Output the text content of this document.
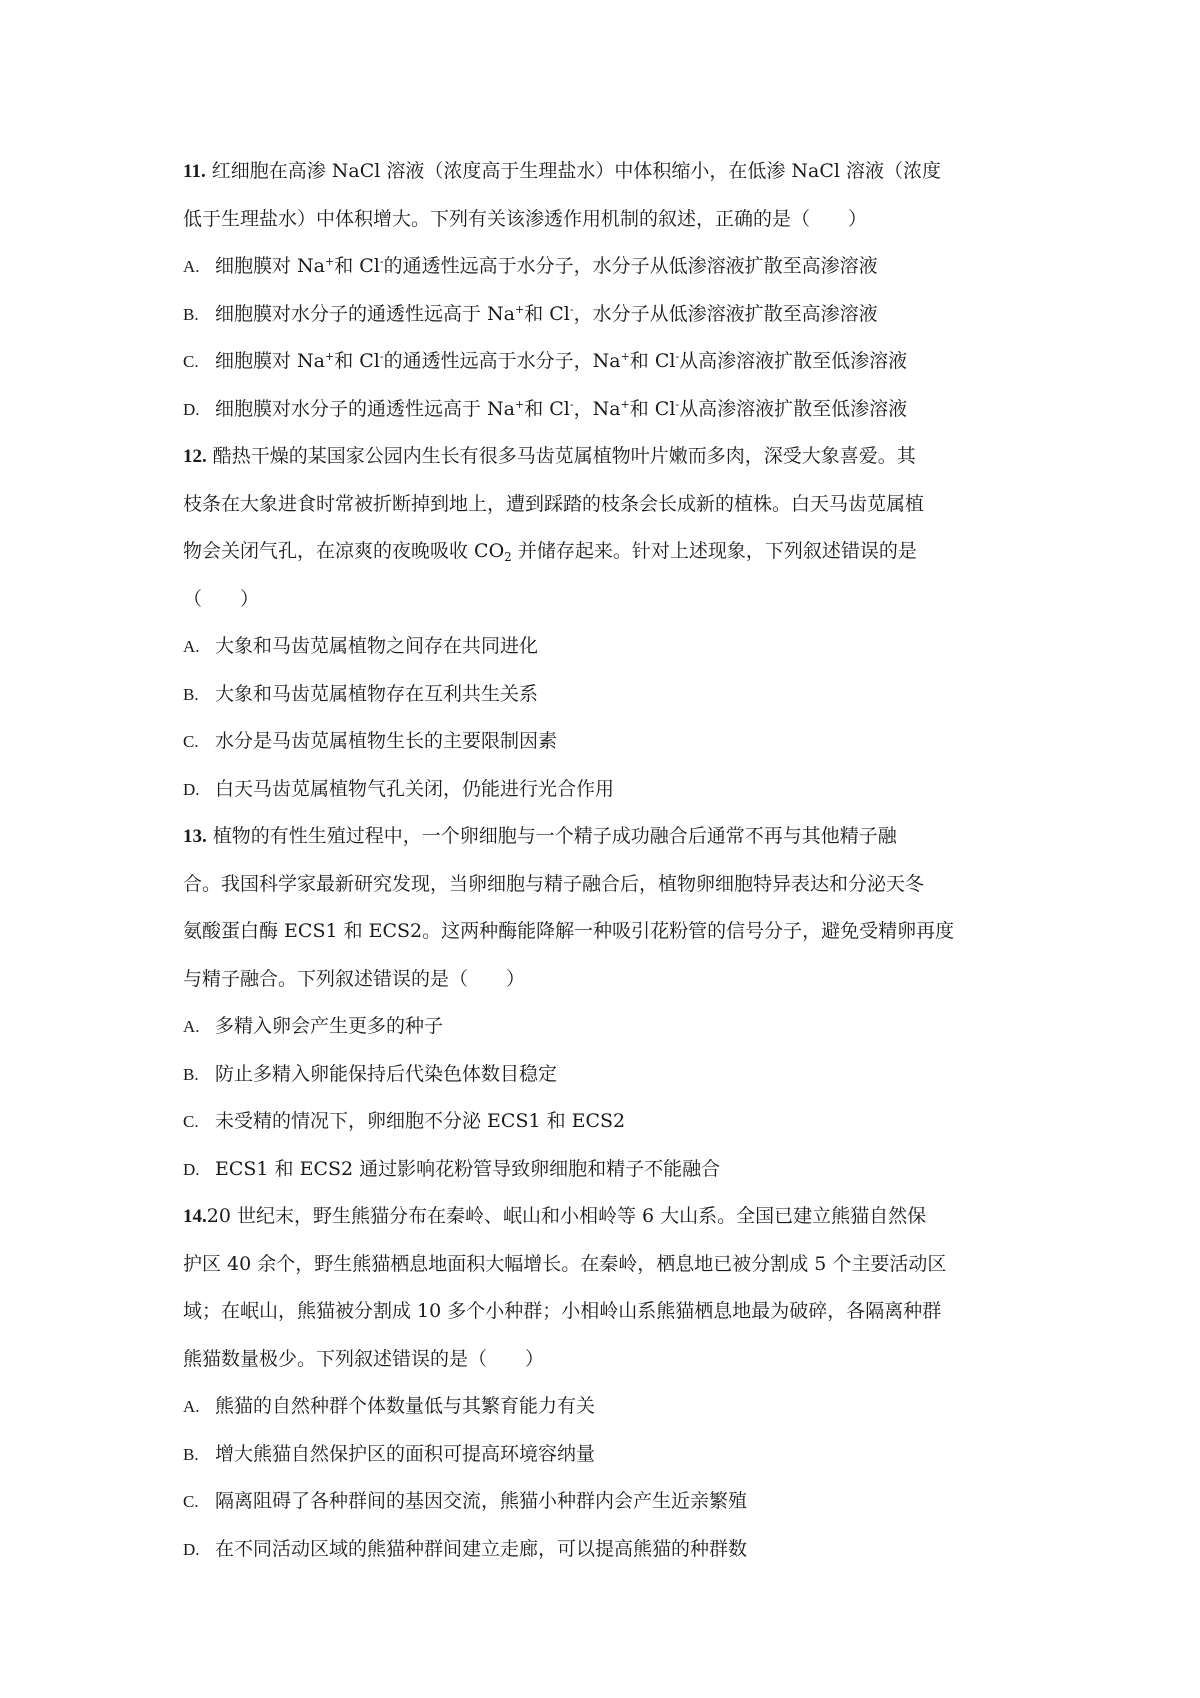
11. 红细胞在高渗 NaCl 溶液（浓度高于生理盐水）中体积缩小，在低渗 NaCl 溶液（浓度
低于生理盐水）中体积增大。下列有关该渗透作用机制的叙述，正确的是（　　）

A. 细胞膜对 Na+和 Cl-的通透性远高于水分子，水分子从低渗溶液扩散至高渗溶液

B. 细胞膜对水分子的通透性远高于 Na+和 Cl-，水分子从低渗溶液扩散至高渗溶液

C. 细胞膜对 Na+和 Cl-的通透性远高于水分子，Na+和 Cl-从高渗溶液扩散至低渗溶液

D. 细胞膜对水分子的通透性远高于 Na+和 Cl-，Na+和 Cl-从高渗溶液扩散至低渗溶液

12. 酷热干燥的某国家公园内生长有很多马齿苋属植物叶片嫩而多肉，深受大象喜爱。其
枝条在大象进食时常被折断掉到地上，遭到踩踏的枝条会长成新的植株。白天马齿苋属植
物会关闭气孔，在凉爽的夜晚吸收 $CO_2$ 并储存起来。针对上述现象，下列叙述错误的是
（　　）

A. 大象和马齿苋属植物之间存在共同进化

B. 大象和马齿苋属植物存在互利共生关系

C. 水分是马齿苋属植物生长的主要限制因素

D. 白天马齿苋属植物气孔关闭，仍能进行光合作用

13. 植物的有性生殖过程中，一个卵细胞与一个精子成功融合后通常不再与其他精子融
合。我国科学家最新研究发现，当卵细胞与精子融合后，植物卵细胞特异表达和分泌天冬
氨酸蛋白酶 ECS1 和 ECS2。这两种酶能降解一种吸引花粉管的信号分子，避免受精卵再度
与精子融合。下列叙述错误的是（　　）

A. 多精入卵会产生更多的种子

B. 防止多精入卵能保持后代染色体数目稳定

C. 未受精的情况下，卵细胞不分泌 ECS1 和 ECS2

D. ECS1 和 ECS2 通过影响花粉管导致卵细胞和精子不能融合

14.20 世纪末，野生熊猫分布在秦岭、岷山和小相岭等 6 大山系。全国已建立熊猫自然保
护区 40 余个，野生熊猫栖息地面积大幅增长。在秦岭，栖息地已被分割成 5 个主要活动区
域；在岷山，熊猫被分割成 10 多个小种群；小相岭山系熊猫栖息地最为破碎，各隔离种群
熊猫数量极少。下列叙述错误的是（　　）

A. 熊猫的自然种群个体数量低与其繁育能力有关

B. 增大熊猫自然保护区的面积可提高环境容纳量

C. 隔离阻碍了各种群间的基因交流，熊猫小种群内会产生近亲繁殖

D. 在不同活动区域的熊猫种群间建立走廊，可以提高熊猫的种群数
